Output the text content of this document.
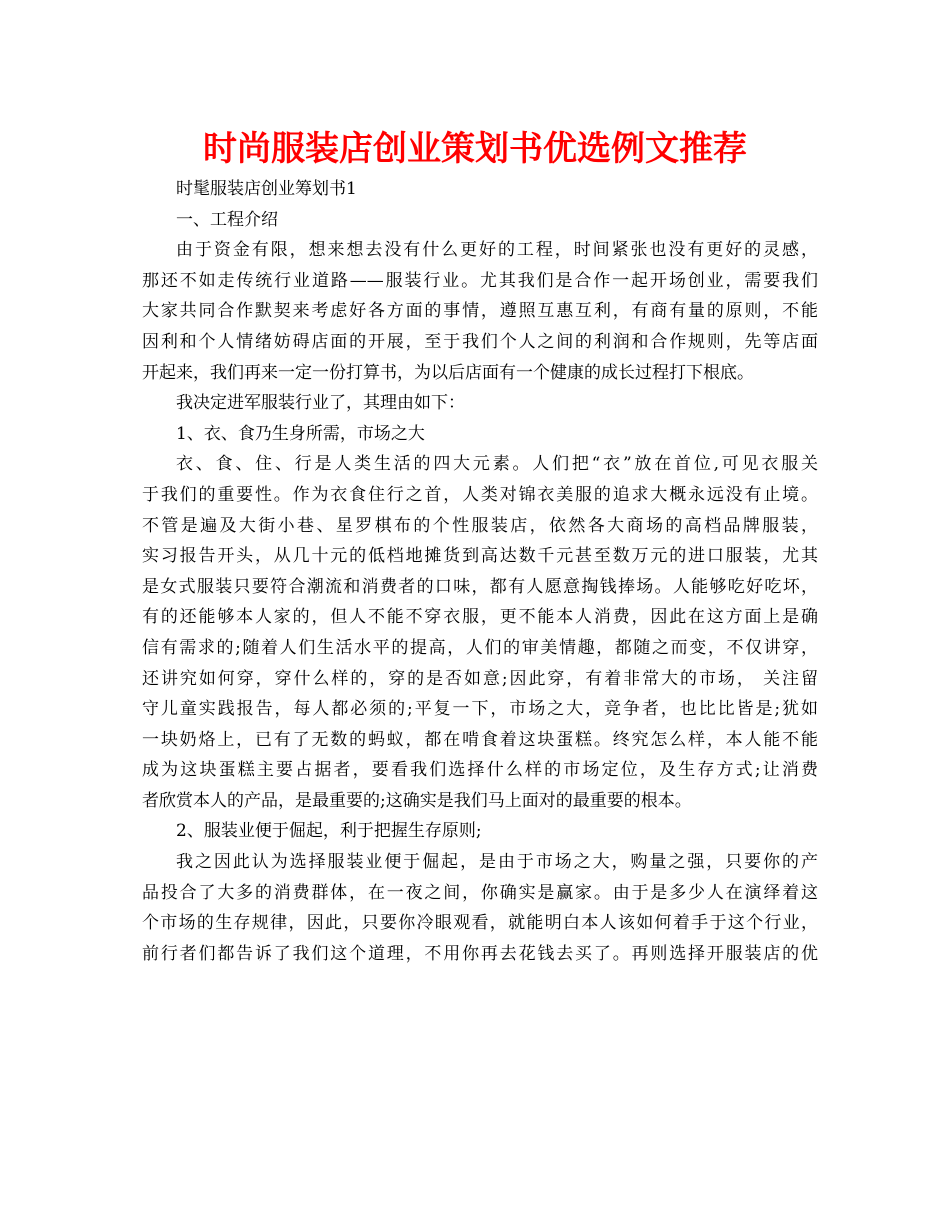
时尚服装店创业策划书优选例文推荐
时髦服装店创业筹划书1
一、工程介绍
由于资金有限，想来想去没有什么更好的工程，时间紧张也没有更好的灵感，
那还不如走传统行业道路——服装行业。尤其我们是合作一起开场创业，需要我们
大家共同合作默契来考虑好各方面的事情，遵照互惠互利，有商有量的原则，不能
因利和个人情绪妨碍店面的开展，至于我们个人之间的利润和合作规则，先等店面
开起来，我们再来一定一份打算书，为以后店面有一个健康的成长过程打下根底。
我决定进军服装行业了，其理由如下：
1、衣、食乃生身所需，市场之大
衣、食、住、行是人类生活的四大元素。人们把“衣”放在首位,可见衣服关
于我们的重要性。作为衣食住行之首，人类对锦衣美服的追求大概永远没有止境。
不管是遍及大街小巷、星罗棋布的个性服装店，依然各大商场的高档品牌服装，
实习报告开头，从几十元的低档地摊货到高达数千元甚至数万元的进口服装，尤其
是女式服装只要符合潮流和消费者的口味，都有人愿意掏钱捧场。人能够吃好吃坏，
有的还能够本人家的，但人不能不穿衣服，更不能本人消费，因此在这方面上是确
信有需求的;随着人们生活水平的提高，人们的审美情趣，都随之而变，不仅讲穿，
还讲究如何穿，穿什么样的，穿的是否如意;因此穿，有着非常大的市场， 关注留
守儿童实践报告，每人都必须的;平复一下，市场之大，竞争者，也比比皆是;犹如
一块奶烙上，已有了无数的蚂蚁，都在啃食着这块蛋糕。终究怎么样，本人能不能
成为这块蛋糕主要占据者，要看我们选择什么样的市场定位，及生存方式;让消费
者欣赏本人的产品，是最重要的;这确实是我们马上面对的最重要的根本。
2、服装业便于倔起，利于把握生存原则;
我之因此认为选择服装业便于倔起，是由于市场之大，购量之强，只要你的产
品投合了大多的消费群体，在一夜之间，你确实是赢家。由于是多少人在演绎着这
个市场的生存规律，因此，只要你冷眼观看，就能明白本人该如何着手于这个行业，
前行者们都告诉了我们这个道理，不用你再去花钱去买了。再则选择开服装店的优
